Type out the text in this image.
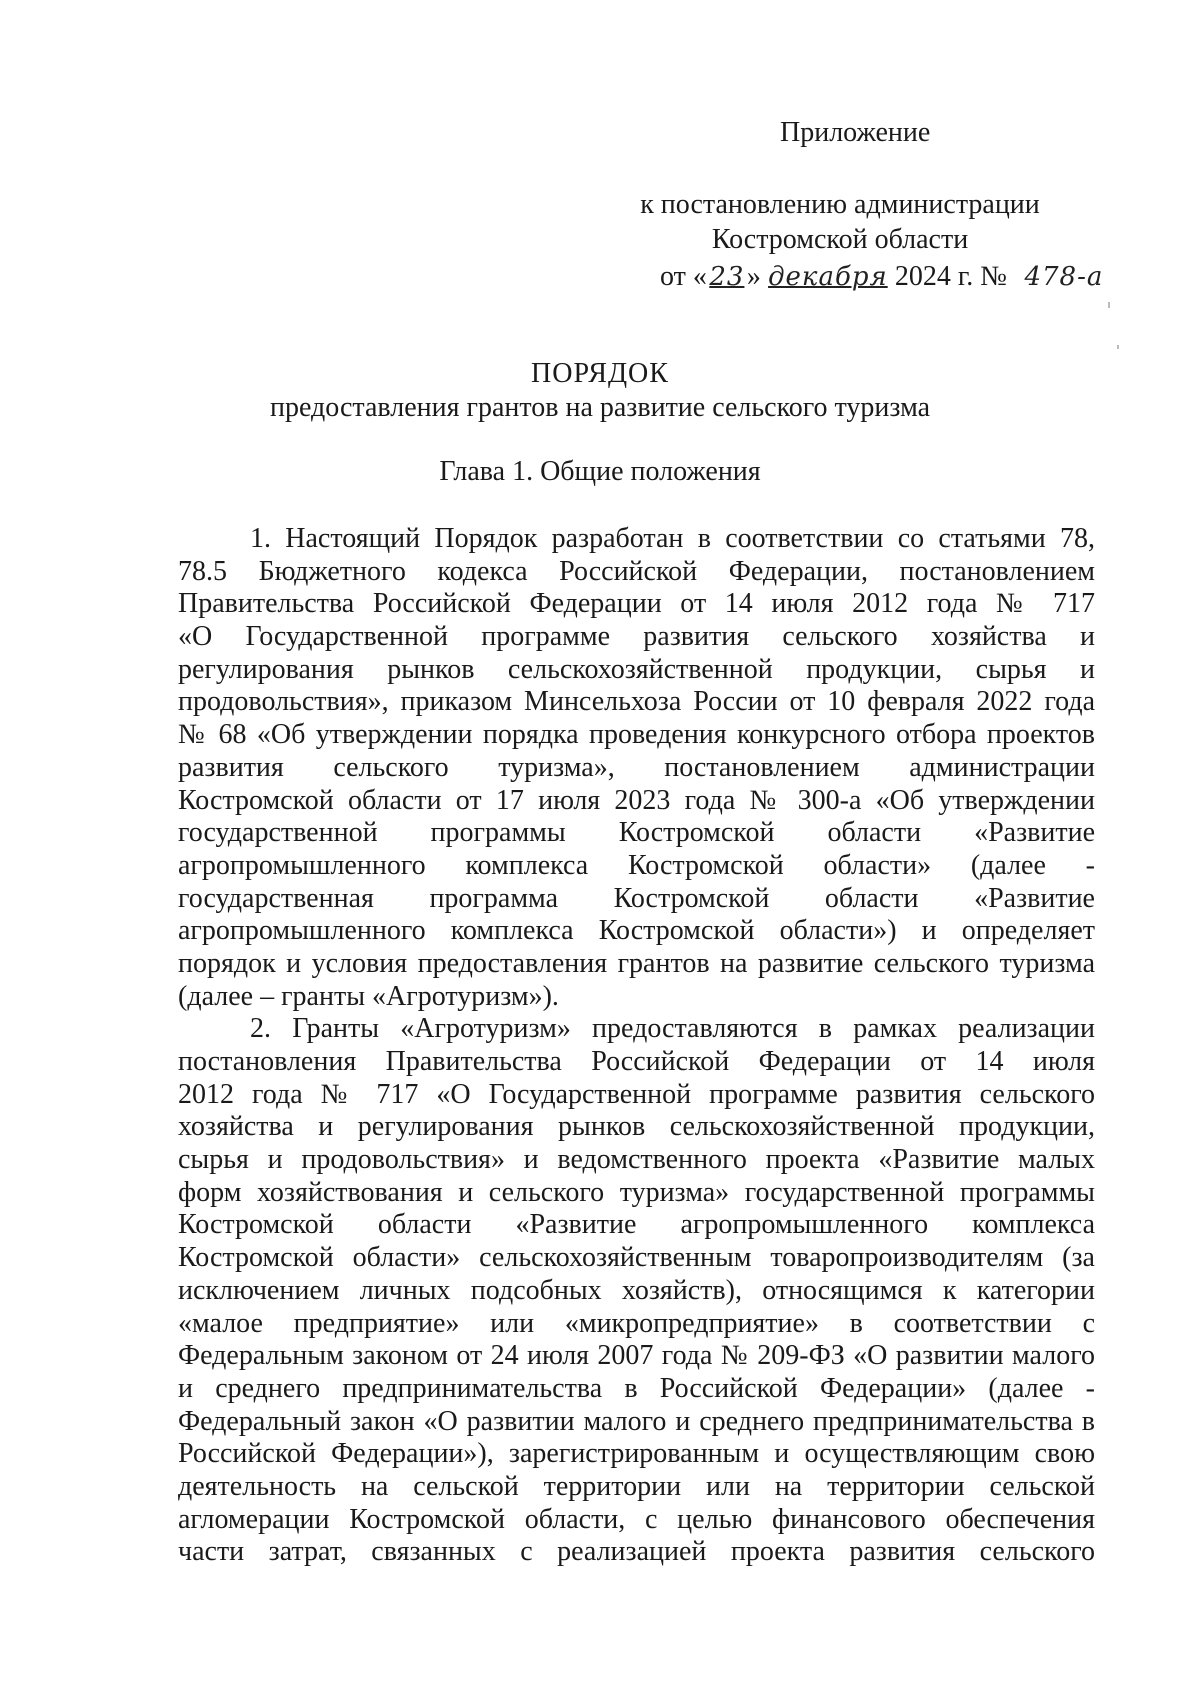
Приложение
к постановлению администрации
Костромской области
от «23» декабря 2024 г. № 478-а
ПОРЯДОК
предоставления грантов на развитие сельского туризма
Глава 1. Общие положения
1. Настоящий Порядок разработан в соответствии со статьями 78,
78.5 Бюджетного кодекса Российской Федерации, постановлением
Правительства Российской Федерации от 14 июля 2012 года № 717
«О Государственной программе развития сельского хозяйства и
регулирования рынков сельскохозяйственной продукции, сырья и
продовольствия», приказом Минсельхоза России от 10 февраля 2022 года
№ 68 «Об утверждении порядка проведения конкурсного отбора проектов
развития сельского туризма», постановлением администрации
Костромской области от 17 июля 2023 года № 300-а «Об утверждении
государственной программы Костромской области «Развитие
агропромышленного комплекса Костромской области» (далее -
государственная программа Костромской области «Развитие
агропромышленного комплекса Костромской области») и определяет
порядок и условия предоставления грантов на развитие сельского туризма
(далее – гранты «Агротуризм»).
2. Гранты «Агротуризм» предоставляются в рамках реализации
постановления Правительства Российской Федерации от 14 июля
2012 года № 717 «О Государственной программе развития сельского
хозяйства и регулирования рынков сельскохозяйственной продукции,
сырья и продовольствия» и ведомственного проекта «Развитие малых
форм хозяйствования и сельского туризма» государственной программы
Костромской области «Развитие агропромышленного комплекса
Костромской области» сельскохозяйственным товаропроизводителям (за
исключением личных подсобных хозяйств), относящимся к категории
«малое предприятие» или «микропредприятие» в соответствии с
Федеральным законом от 24 июля 2007 года № 209-ФЗ «О развитии малого
и среднего предпринимательства в Российской Федерации» (далее -
Федеральный закон «О развитии малого и среднего предпринимательства в
Российской Федерации»), зарегистрированным и осуществляющим свою
деятельность на сельской территории или на территории сельской
агломерации Костромской области, с целью финансового обеспечения
части затрат, связанных с реализацией проекта развития сельского
